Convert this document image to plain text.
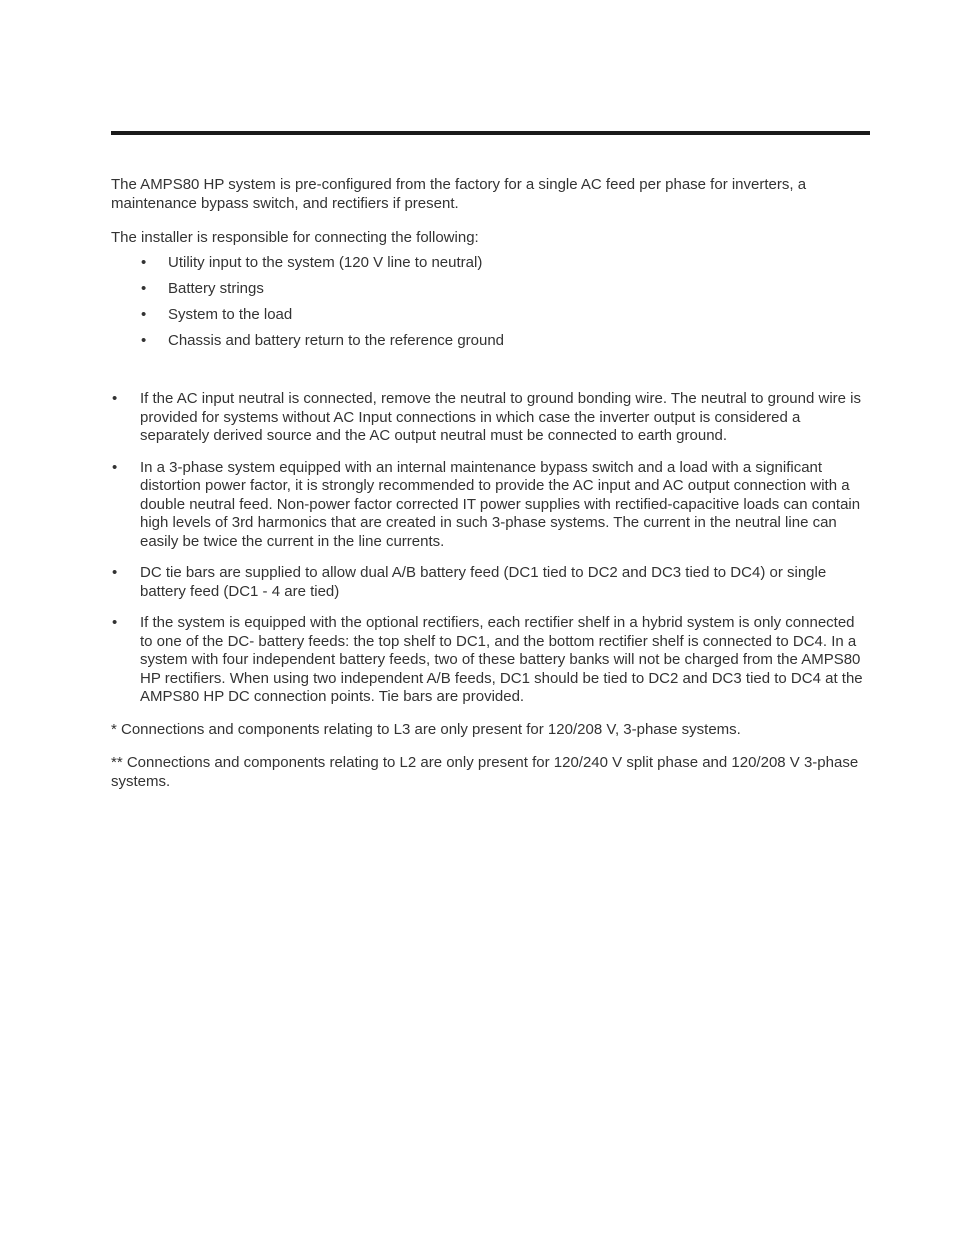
The AMPS80 HP system is pre-configured from the factory for a single AC feed per phase for inverters, a maintenance bypass switch, and rectifiers if present.

The installer is responsible for connecting the following:

• Utility input to the system (120 V line to neutral)
• Battery strings
• System to the load
• Chassis and battery return to the reference ground
• If the AC input neutral is connected, remove the neutral to ground bonding wire. The neutral to ground wire is provided for systems without AC Input connections in which case the inverter output is considered a separately derived source and the AC output neutral must be connected to earth ground.
• In a 3-phase system equipped with an internal maintenance bypass switch and a load with a significant distortion power factor, it is strongly recommended to provide the AC input and AC output connection with a double neutral feed. Non-power factor corrected IT power supplies with rectified-capacitive loads can contain high levels of 3rd harmonics that are created in such 3-phase systems. The current in the neutral line can easily be twice the current in the line currents.
• DC tie bars are supplied to allow dual A/B battery feed (DC1 tied to DC2 and DC3 tied to DC4) or single battery feed (DC1 - 4 are tied)
• If the system is equipped with the optional rectifiers, each rectifier shelf in a hybrid system is only connected to one of the DC- battery feeds: the top shelf to DC1, and the bottom rectifier shelf is connected to DC4. In a system with four independent battery feeds, two of these battery banks will not be charged from the AMPS80 HP rectifiers. When using two independent A/B feeds, DC1 should be tied to DC2 and DC3 tied to DC4 at the AMPS80 HP DC connection points. Tie bars are provided.

* Connections and components relating to L3 are only present for 120/208 V, 3-phase systems.

** Connections and components relating to L2 are only present for 120/240 V split phase and 120/208 V 3-phase systems.
